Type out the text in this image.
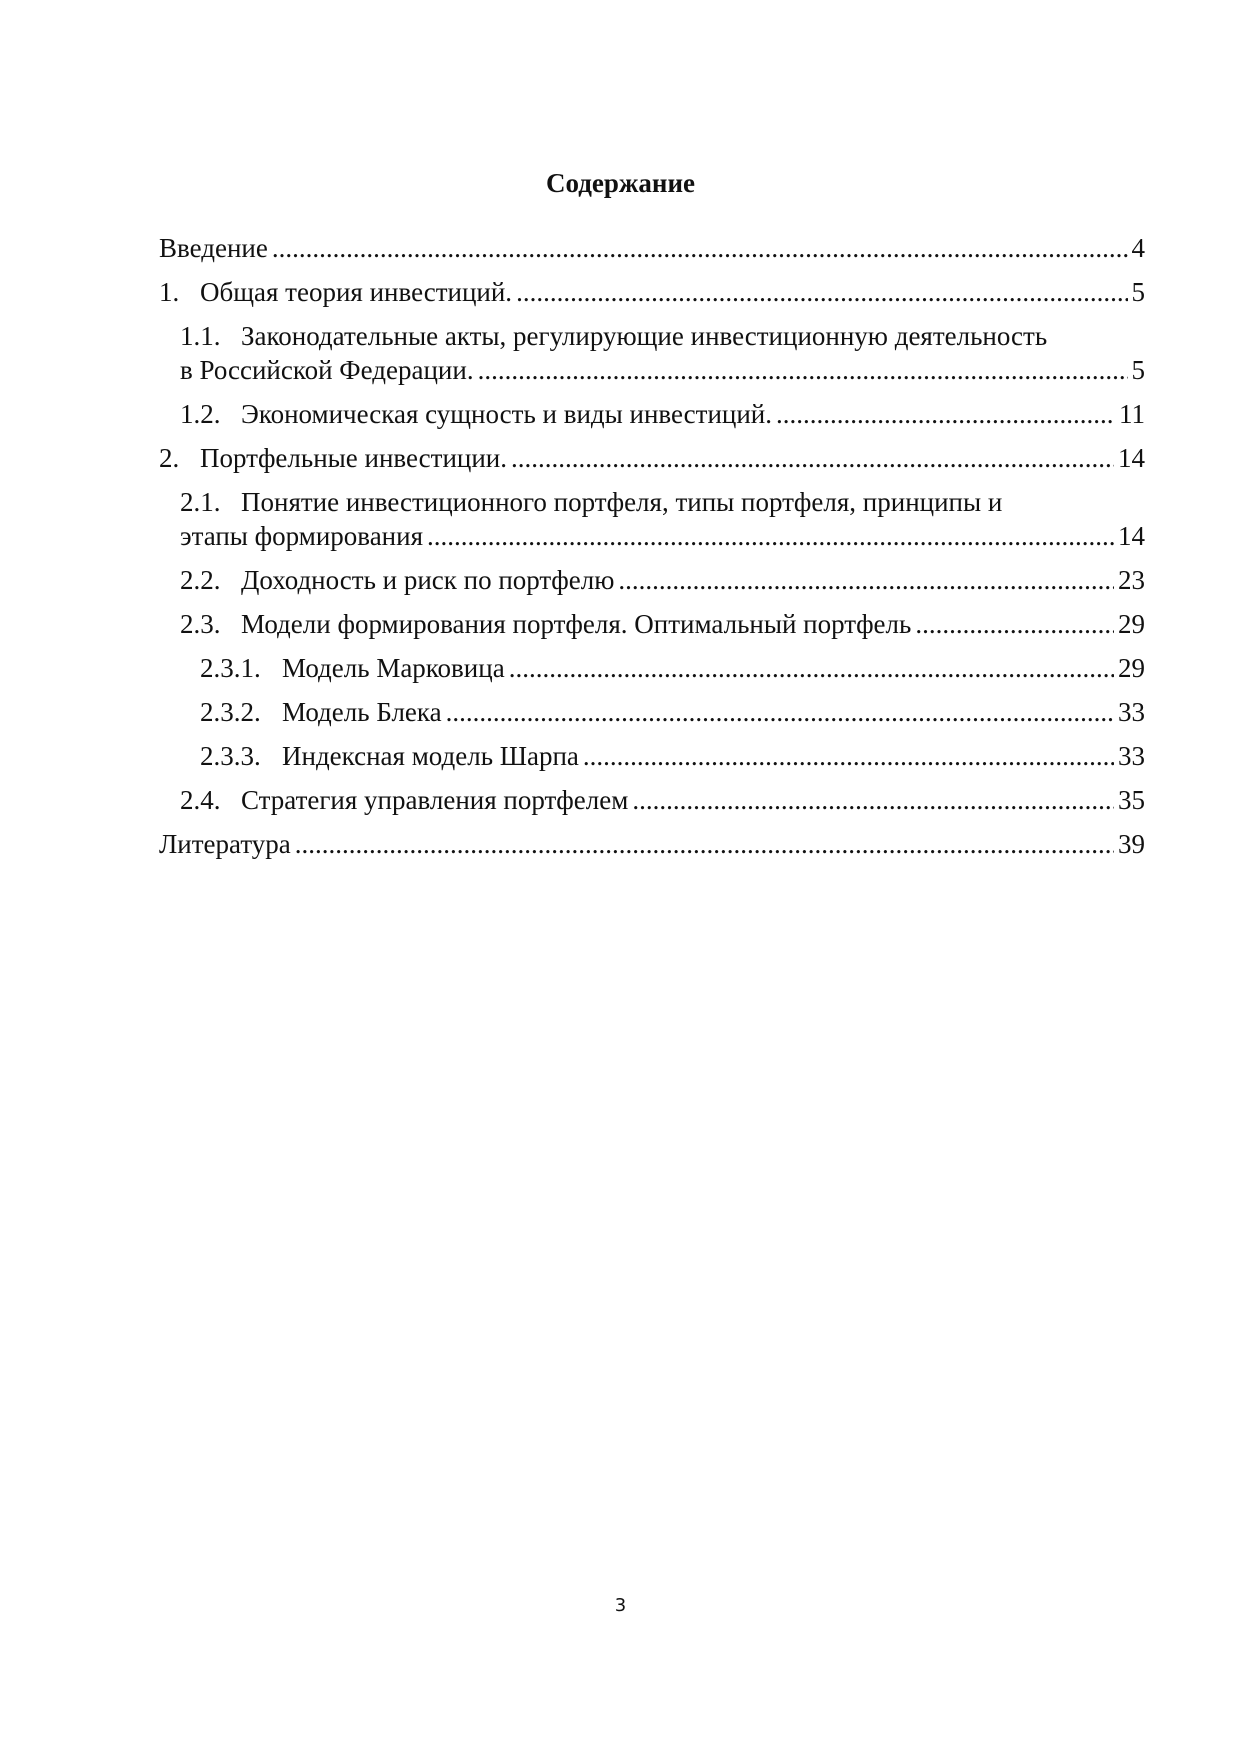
Содержание
Введение .....	4
1. Общая теория инвестиций. .....	5
1.1. Законодательные акты, регулирующие инвестиционную деятельность
в Российской Федерации. .....	5
1.2. Экономическая сущность и виды инвестиций. .....	11
2. Портфельные инвестиции. .....	14
2.1. Понятие инвестиционного портфеля, типы портфеля, принципы и
этапы формирования .....	14
2.2. Доходность и риск по портфелю .....	23
2.3. Модели формирования портфеля. Оптимальный портфель .....	29
2.3.1. Модель Марковица .....	29
2.3.2. Модель Блека .....	33
2.3.3. Индексная модель Шарпа .....	33
2.4. Стратегия управления портфелем .....	35
Литература .....	39
3
